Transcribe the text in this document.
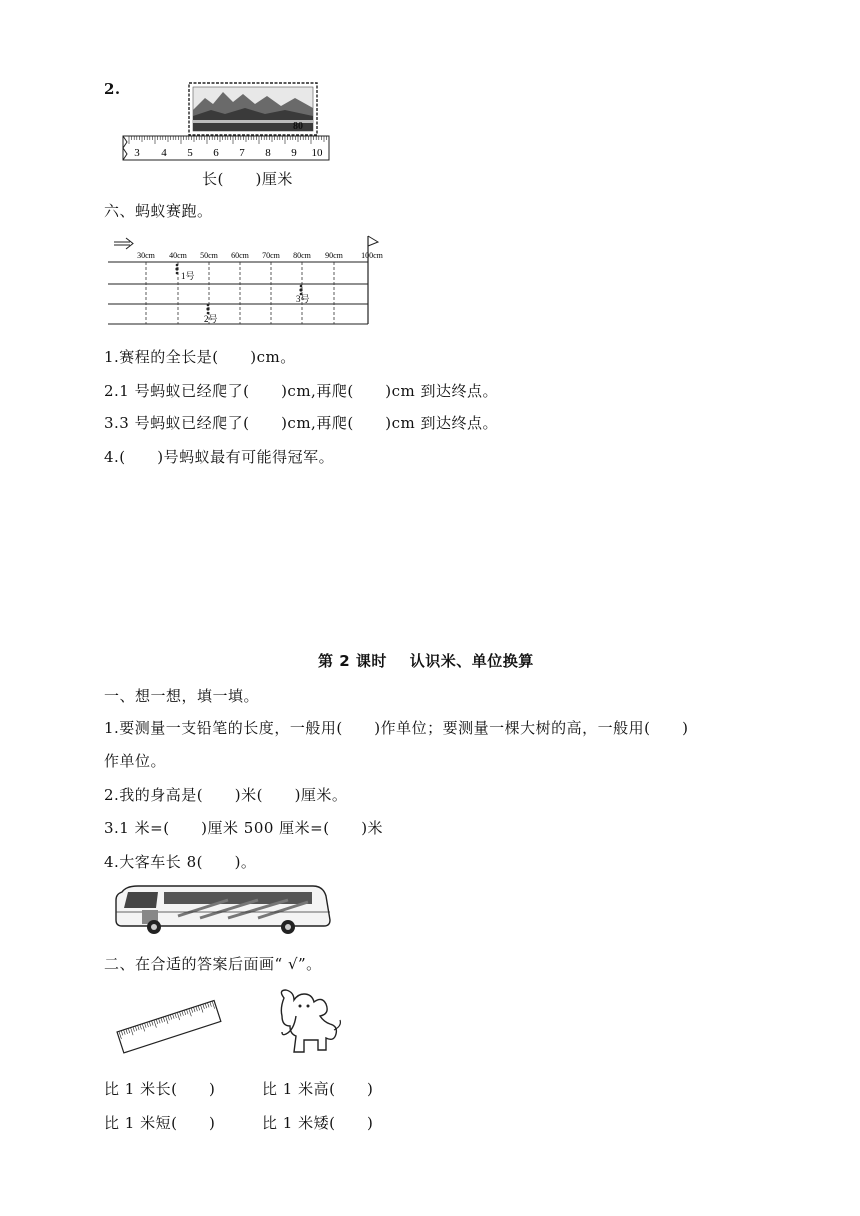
2.
80
3 4 5 6 7 8 9 10
长(      )厘米
六、蚂蚁赛跑。
30cm 40cm 50cm 60cm 70cm 80cm 90cm 100cm
1号
2号
3号
1.赛程的全长是(      )cm。
2.1 号蚂蚁已经爬了(      )cm,再爬(      )cm 到达终点。
3.3 号蚂蚁已经爬了(      )cm,再爬(      )cm 到达终点。
4.(      )号蚂蚁最有可能得冠军。
第 2 课时    认识米、单位换算
一、想一想，填一填。
1.要测量一支铅笔的长度，一般用(      )作单位；要测量一棵大树的高，一般用(      )
作单位。
2.我的身高是(      )米(      )厘米。
3.1 米=(      )厘米 500 厘米=(      )米
4.大客车长 8(      )。
二、在合适的答案后面画“ √”。
比 1 米长(      )	比 1 米高(      )
比 1 米短(      )	比 1 米矮(      )
